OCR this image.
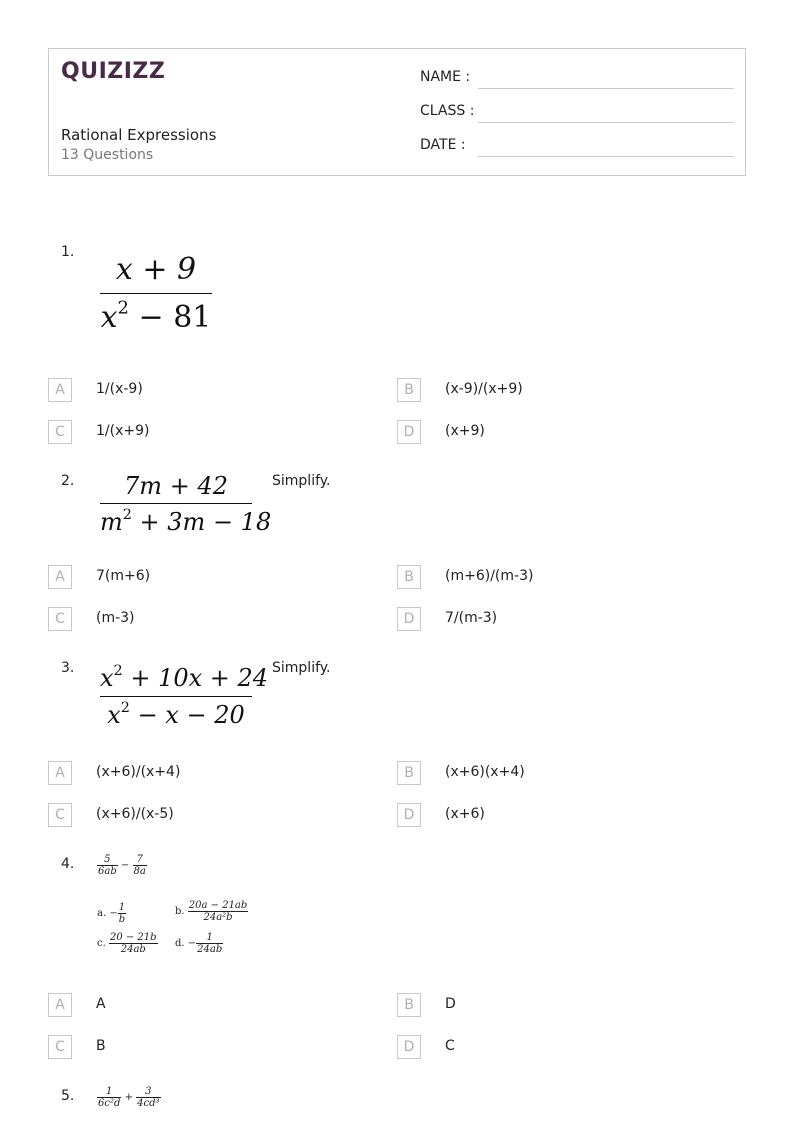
QUIZIZZ
Rational Expressions
13 Questions
NAME :
CLASS :
DATE :
1.	x + 9
$x^2 - 81$
A	1/(x-9)	B	(x-9)/(x+9)
C	1/(x+9)	D	(x+9)
2.	7m + 42
$m^2 + 3m - 18$
Simplify.
A	7(m+6)	B	(m+6)/(m-3)
C	(m-3)	D	7/(m-3)
3. $x^2 + 10x + 24$
$x^2 - x - 20$
Simplify.
A	(x+6)/(x+4)	B	(x+6)(x+4)
C	(x+6)/(x-5)	D	(x+6)
4. $\frac{5}{6ab} - \frac{7}{8a}$
a. − $\frac{1}{b}$	b. $\frac{20a - 21ab}{\text{24a²b}}$
c. $\frac{20 - 21b}{24ab} d$. − $\frac{1}{24ab}$
A	A	B	D
C	B	D	C
5. $\frac{1}{\text{6c²d}} + \frac{3}{\text{4cd³}}$
